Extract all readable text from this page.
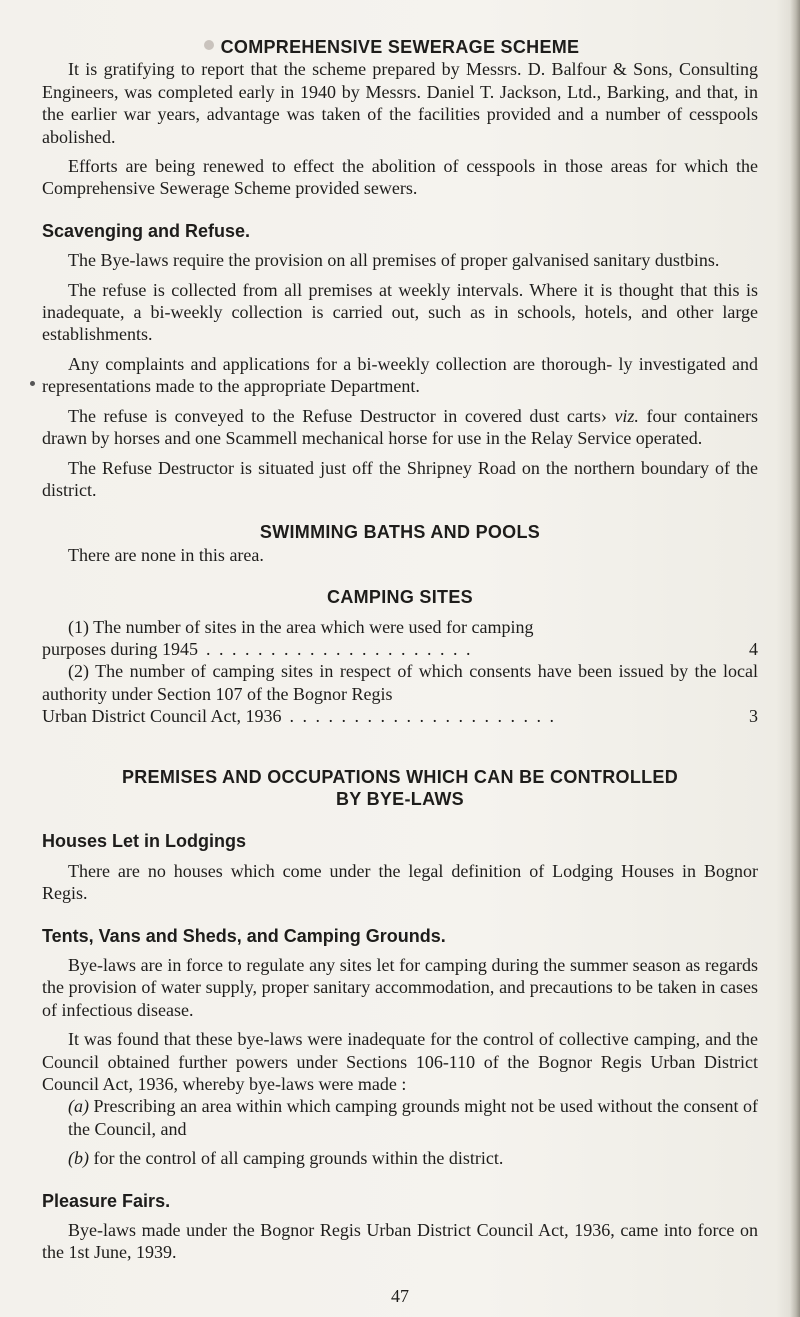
COMPREHENSIVE SEWERAGE SCHEME

It is gratifying to report that the scheme prepared by Messrs. D. Balfour & Sons, Consulting Engineers, was completed early in 1940 by Messrs. Daniel T. Jackson, Ltd., Barking, and that, in the earlier war years, advantage was taken of the facilities provided and a number of cesspools abolished.

Efforts are being renewed to effect the abolition of cesspools in those areas for which the Comprehensive Sewerage Scheme provided sewers.

Scavenging and Refuse.

The Bye-laws require the provision on all premises of proper galvanised sanitary dustbins.

The refuse is collected from all premises at weekly intervals. Where it is thought that this is inadequate, a bi-weekly collection is carried out, such as in schools, hotels, and other large establishments.

Any complaints and applications for a bi-weekly collection are thorough- ly investigated and representations made to the appropriate Department.

The refuse is conveyed to the Refuse Destructor in covered dust carts› viz. four containers drawn by horses and one Scammell mechanical horse for use in the Relay Service operated.

The Refuse Destructor is situated just off the Shripney Road on the northern boundary of the district.

SWIMMING BATHS AND POOLS

There are none in this area.

CAMPING SITES

(1) The number of sites in the area which were used for camping

purposes during 1945 . . . . . . . . . . . . . . . . . . . . .	4

(2) The number of camping sites in respect of which consents have been issued by the local authority under Section 107 of the Bognor Regis

Urban District Council Act, 1936 . . . . . . . . . . . . . . . . . . . . .	3
PREMISES AND OCCUPATIONS WHICH CAN BE CONTROLLED
BY BYE-LAWS
Houses Let in Lodgings

There are no houses which come under the legal definition of Lodging Houses in Bognor Regis.

Tents, Vans and Sheds, and Camping Grounds.

Bye-laws are in force to regulate any sites let for camping during the summer season as regards the provision of water supply, proper sanitary accommodation, and precautions to be taken in cases of infectious disease.

It was found that these bye-laws were inadequate for the control of collective camping, and the Council obtained further powers under Sections 106-110 of the Bognor Regis Urban District Council Act, 1936, whereby bye-laws were made :

(a) Prescribing an area within which camping grounds might not be used without the consent of the Council, and

(b) for the control of all camping grounds within the district.

Pleasure Fairs.

Bye-laws made under the Bognor Regis Urban District Council Act, 1936, came into force on the 1st June, 1939.

47
